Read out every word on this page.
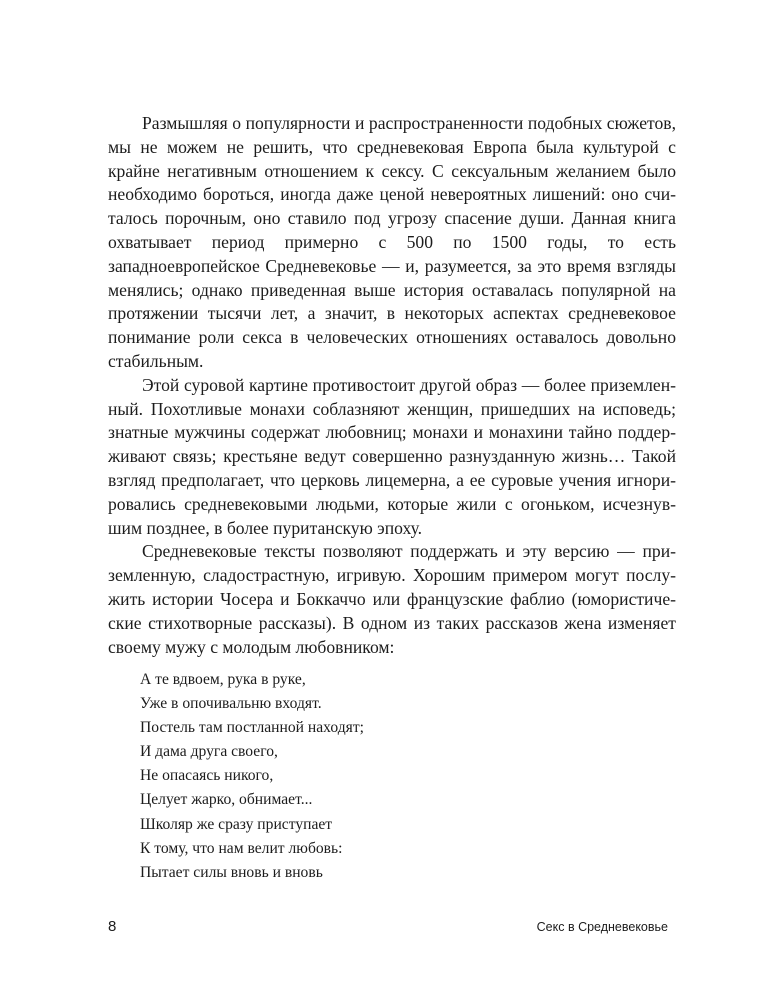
Размышляя о популярности и распространенности подобных сюжетов, мы не можем не решить, что средневековая Европа была культурой с крайне негативным отношением к сексу. С сексуальным желанием было необходимо бороться, иногда даже ценой невероятных лишений: оно считалось порочным, оно ставило под угрозу спасение души. Данная книга охватывает период примерно с 500 по 1500 годы, то есть западноевропейское Средневековье — и, разумеется, за это время взгляды менялись; однако приведенная выше история оставалась популярной на протяжении тысячи лет, а значит, в некоторых аспектах средневековое понимание роли секса в человеческих отношениях оставалось довольно стабильным.

Этой суровой картине противостоит другой образ — более приземленный. Похотливые монахи соблазняют женщин, пришедших на исповедь; знатные мужчины содержат любовниц; монахи и монахини тайно поддерживают связь; крестьяне ведут совершенно разнузданную жизнь… Такой взгляд предполагает, что церковь лицемерна, а ее суровые учения игнорировались средневековыми людьми, которые жили с огоньком, исчезнувшим позднее, в более пуританскую эпоху.

Средневековые тексты позволяют поддержать и эту версию — приземленную, сладострастную, игривую. Хорошим примером могут послужить истории Чосера и Боккаччо или французские фаблио (юмористические стихотворные рассказы). В одном из таких рассказов жена изменяет своему мужу с молодым любовником:

А те вдвоем, рука в руке,
Уже в опочивальню входят.
Постель там постланной находят;
И дама друга своего,
Не опасаясь никого,
Целует жарко, обнимает...
Школяр же сразу приступает
К тому, что нам велит любовь:
Пытает силы вновь и вновь
8	Секс в Средневековье
